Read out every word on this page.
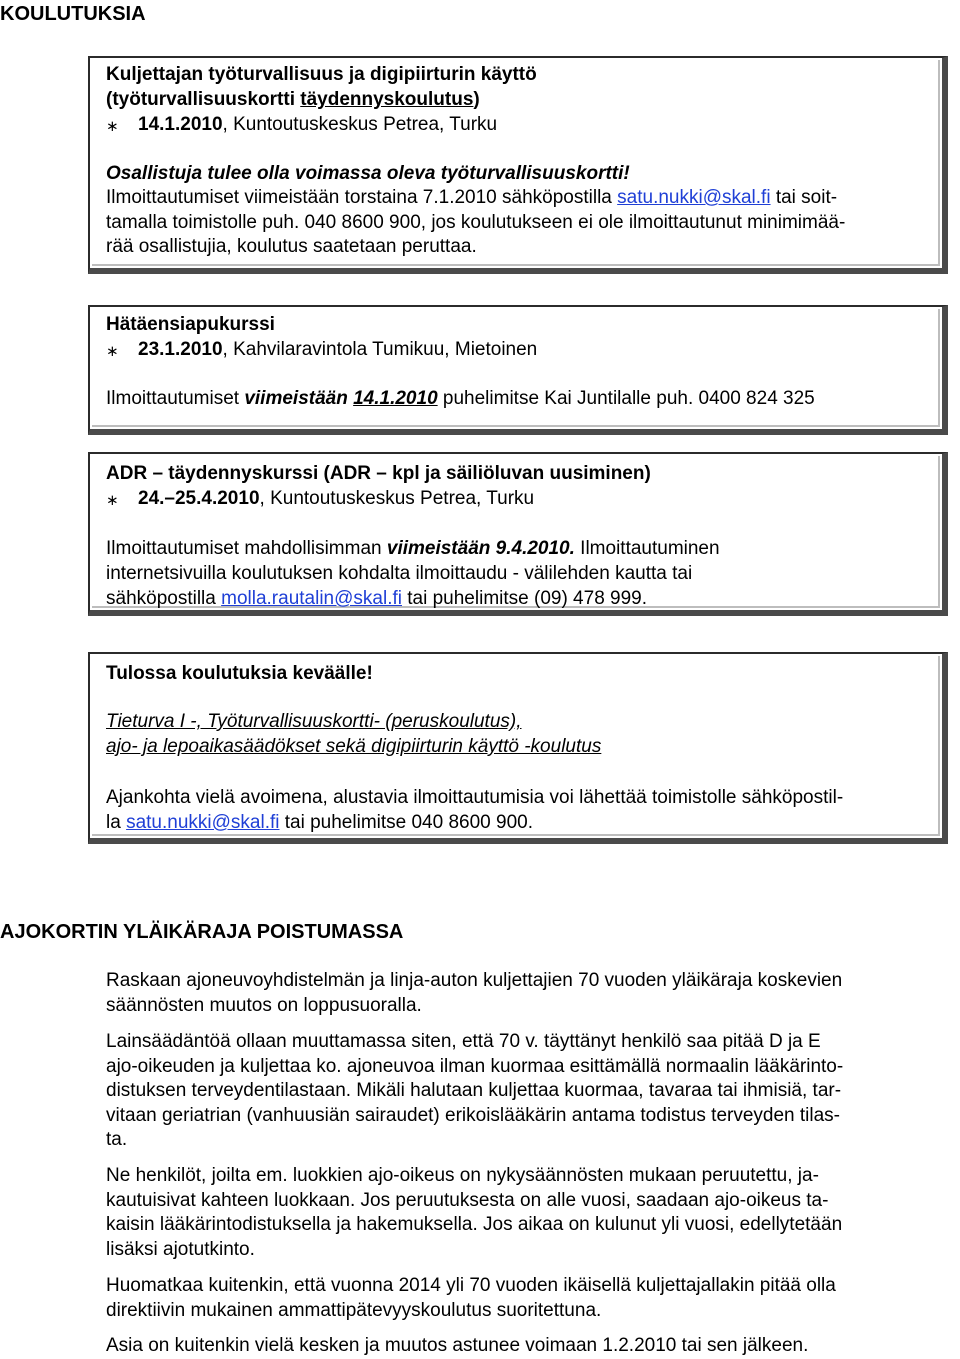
KOULUTUKSIA
Kuljettajan työturvallisuus ja digipiirturin käyttö
(työturvallisuuskortti täydennyskoulutus)
∗ 14.1.2010, Kuntoutuskeskus Petrea, Turku
Osallistuja tulee olla voimassa oleva työturvallisuuskortti!
Ilmoittautumiset viimeistään torstaina 7.1.2010 sähköpostilla satu.nukki@skal.fi tai soit-
tamalla toimistolle puh. 040 8600 900, jos koulutukseen ei ole ilmoittautunut minimimää-
rää osallistujia, koulutus saatetaan peruttaa.
Hätäensiapukurssi
∗ 23.1.2010, Kahvilaravintola Tumikuu, Mietoinen
Ilmoittautumiset viimeistään 14.1.2010 puhelimitse Kai Juntilalle puh. 0400 824 325
ADR – täydennyskurssi (ADR – kpl ja säiliöluvan uusiminen)
∗ 24.–25.4.2010, Kuntoutuskeskus Petrea, Turku
Ilmoittautumiset mahdollisimman viimeistään 9.4.2010. Ilmoittautuminen
internetsivuilla koulutuksen kohdalta ilmoittaudu - välilehden kautta tai
sähköpostilla molla.rautalin@skal.fi tai puhelimitse (09) 478 999.
Tulossa koulutuksia keväälle!
Tieturva I -, Työturvallisuuskortti- (peruskoulutus),
ajo- ja lepoaikasäädökset sekä digipiirturin käyttö -koulutus
Ajankohta vielä avoimena, alustavia ilmoittautumisia voi lähettää toimistolle sähköpostil-
la satu.nukki@skal.fi tai puhelimitse 040 8600 900.
AJOKORTIN YLÄIKÄRAJA POISTUMASSA
Raskaan ajoneuvoyhdistelmän ja linja-auton kuljettajien 70 vuoden yläikäraja koskevien
säännösten muutos on loppusuoralla.
Lainsäädäntöä ollaan muuttamassa siten, että 70 v. täyttänyt henkilö saa pitää D ja E
ajo-oikeuden ja kuljettaa ko. ajoneuvoa ilman kuormaa esittämällä normaalin lääkärinto-
distuksen terveydentilastaan. Mikäli halutaan kuljettaa kuormaa, tavaraa tai ihmisiä, tar-
vitaan geriatrian (vanhuusiän sairaudet) erikoislääkärin antama todistus terveyden tilas-
ta.
Ne henkilöt, joilta em. luokkien ajo-oikeus on nykysäännösten mukaan peruutettu, ja-
kautuisivat kahteen luokkaan. Jos peruutuksesta on alle vuosi, saadaan ajo-oikeus ta-
kaisin lääkärintodistuksella ja hakemuksella. Jos aikaa on kulunut yli vuosi, edellytetään
lisäksi ajotutkinto.
Huomatkaa kuitenkin, että vuonna 2014 yli 70 vuoden ikäisellä kuljettajallakin pitää olla
direktiivin mukainen ammattipätevyyskoulutus suoritettuna.
Asia on kuitenkin vielä kesken ja muutos astunee voimaan 1.2.2010 tai sen jälkeen.
